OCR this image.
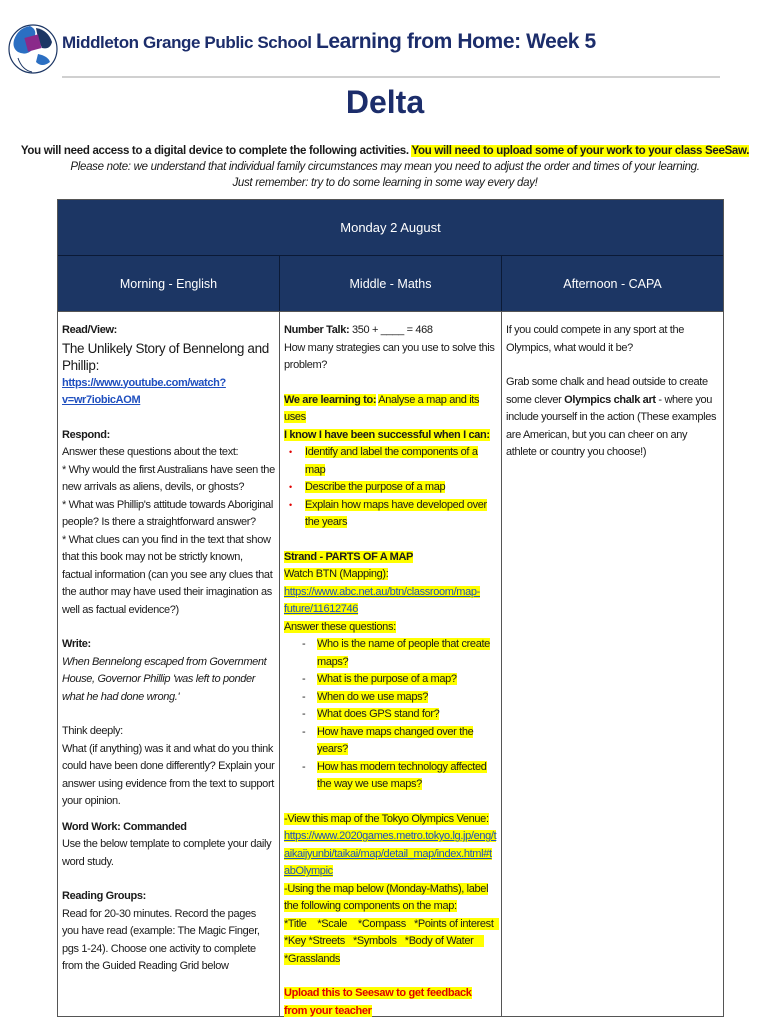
Middleton Grange Public School Learning from Home: Week 5
Delta
You will need access to a digital device to complete the following activities. You will need to upload some of your work to your class SeeSaw.
Please note: we understand that individual family circumstances may mean you need to adjust the order and times of your learning.
Just remember: try to do some learning in some way every day!
Monday 2 August
Morning - English	Middle - Maths	Afternoon - CAPA
Read/View:
The Unlikely Story of Bennelong and Phillip:
https://www.youtube.com/watch?v=wr7iobicAOM
Respond:
Answer these questions about the text:
* Why would the first Australians have seen the new arrivals as aliens, devils, or ghosts?
* What was Phillip's attitude towards Aboriginal people? Is there a straightforward answer?
* What clues can you find in the text that show that this book may not be strictly known, factual information (can you see any clues that the author may have used their imagination as well as factual evidence?)
Write:
When Bennelong escaped from Government House, Governor Phillip 'was left to ponder what he had done wrong.'
Think deeply:
What (if anything) was it and what do you think could have been done differently? Explain your answer using evidence from the text to support your opinion.
Word Work: Commanded
Use the below template to complete your daily word study.
Reading Groups:
Read for 20-30 minutes. Record the pages you have read (example: The Magic Finger, pgs 1-24). Choose one activity to complete from the Guided Reading Grid below
Number Talk: 350 + ____ = 468
How many strategies can you use to solve this problem?
We are learning to: Analyse a map and its uses
I know I have been successful when I can:
• Identify and label the components of a map
• Describe the purpose of a map
• Explain how maps have developed over the years
Strand - PARTS OF A MAP
Watch BTN (Mapping):
https://www.abc.net.au/btn/classroom/map-future/11612746
Answer these questions:
- Who is the name of people that create maps?
- What is the purpose of a map?
- When do we use maps?
- What does GPS stand for?
- How have maps changed over the years?
- How has modern technology affected the way we use maps?
-View this map of the Tokyo Olympics Venue:
https://www.2020games.metro.tokyo.lg.jp/eng/taikaijyunbi/taikai/map/detail_map/index.html#tabOlympic
-Using the map below (Monday-Maths), label the following components on the map:
*Title    *Scale    *Compass   *Points of interest  *Key *Streets   *Symbols   *Body of Water    *Grasslands
Upload this to Seesaw to get feedback from your teacher
If you could compete in any sport at the Olympics, what would it be?
Grab some chalk and head outside to create some clever Olympics chalk art - where you include yourself in the action (These examples are American, but you can cheer on any athlete or country you choose!)
